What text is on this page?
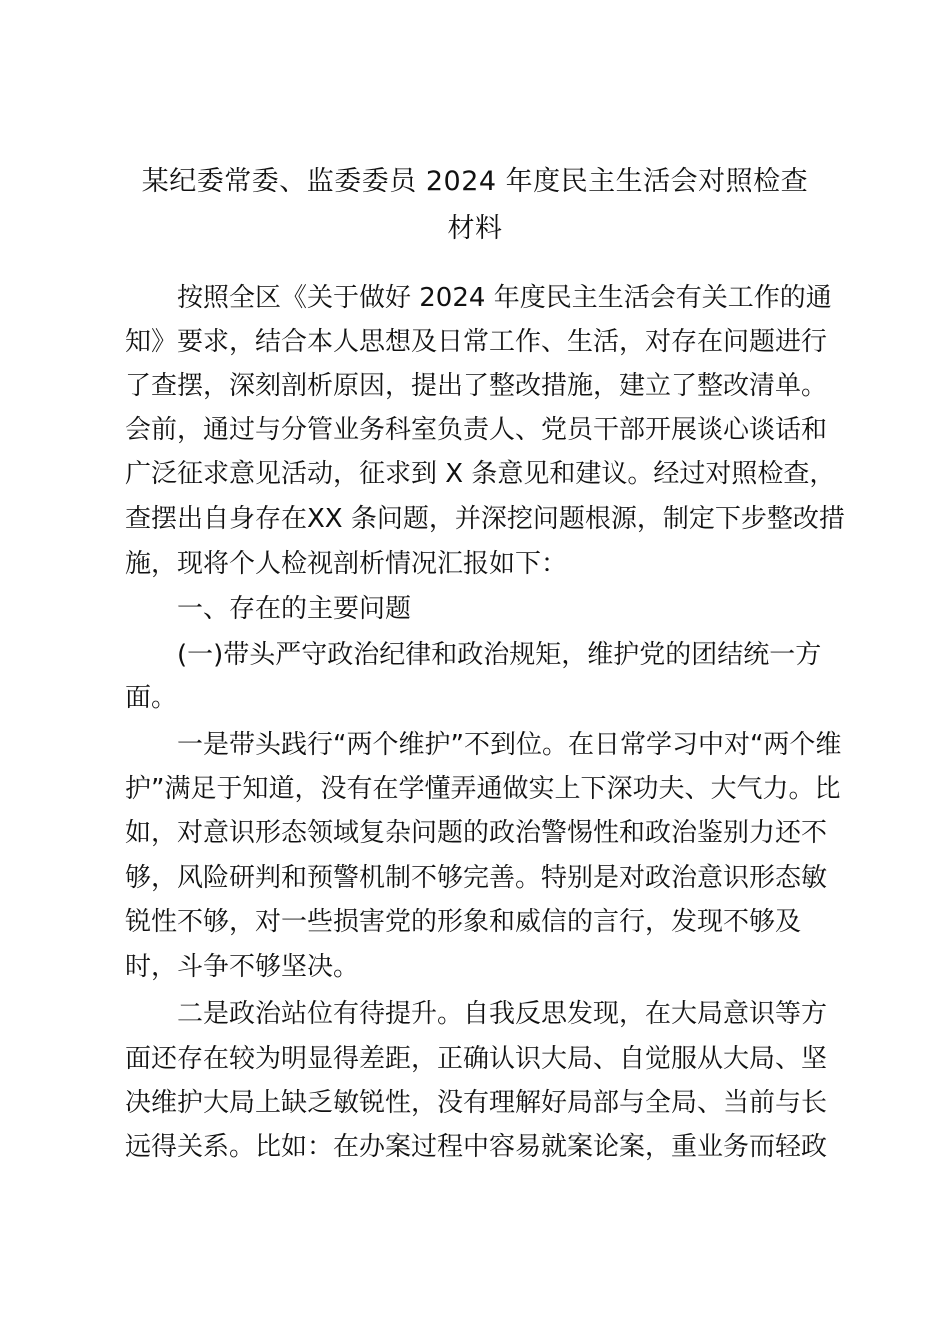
某纪委常委、监委委员 2024 年度民主生活会对照检查
材料
按照全区《关于做好 2024 年度民主生活会有关工作的通
知》要求，结合本人思想及日常工作、生活，对存在问题进行
了查摆，深刻剖析原因，提出了整改措施，建立了整改清单。
会前，通过与分管业务科室负责人、党员干部开展谈心谈话和
广泛征求意见活动，征求到 X 条意见和建议。经过对照检查，
查摆出自身存在XX 条问题，并深挖问题根源，制定下步整改措
施，现将个人检视剖析情况汇报如下：
一、存在的主要问题
(一)带头严守政治纪律和政治规矩，维护党的团结统一方
面。
一是带头践行“两个维护”不到位。在日常学习中对“两个维
护”满足于知道，没有在学懂弄通做实上下深功夫、大气力。比
如，对意识形态领域复杂问题的政治警惕性和政治鉴别力还不
够，风险研判和预警机制不够完善。特别是对政治意识形态敏
锐性不够，对一些损害党的形象和威信的言行，发现不够及
时，斗争不够坚决。
二是政治站位有待提升。自我反思发现，在大局意识等方
面还存在较为明显得差距，正确认识大局、自觉服从大局、坚
决维护大局上缺乏敏锐性，没有理解好局部与全局、当前与长
远得关系。比如：在办案过程中容易就案论案，重业务而轻政
